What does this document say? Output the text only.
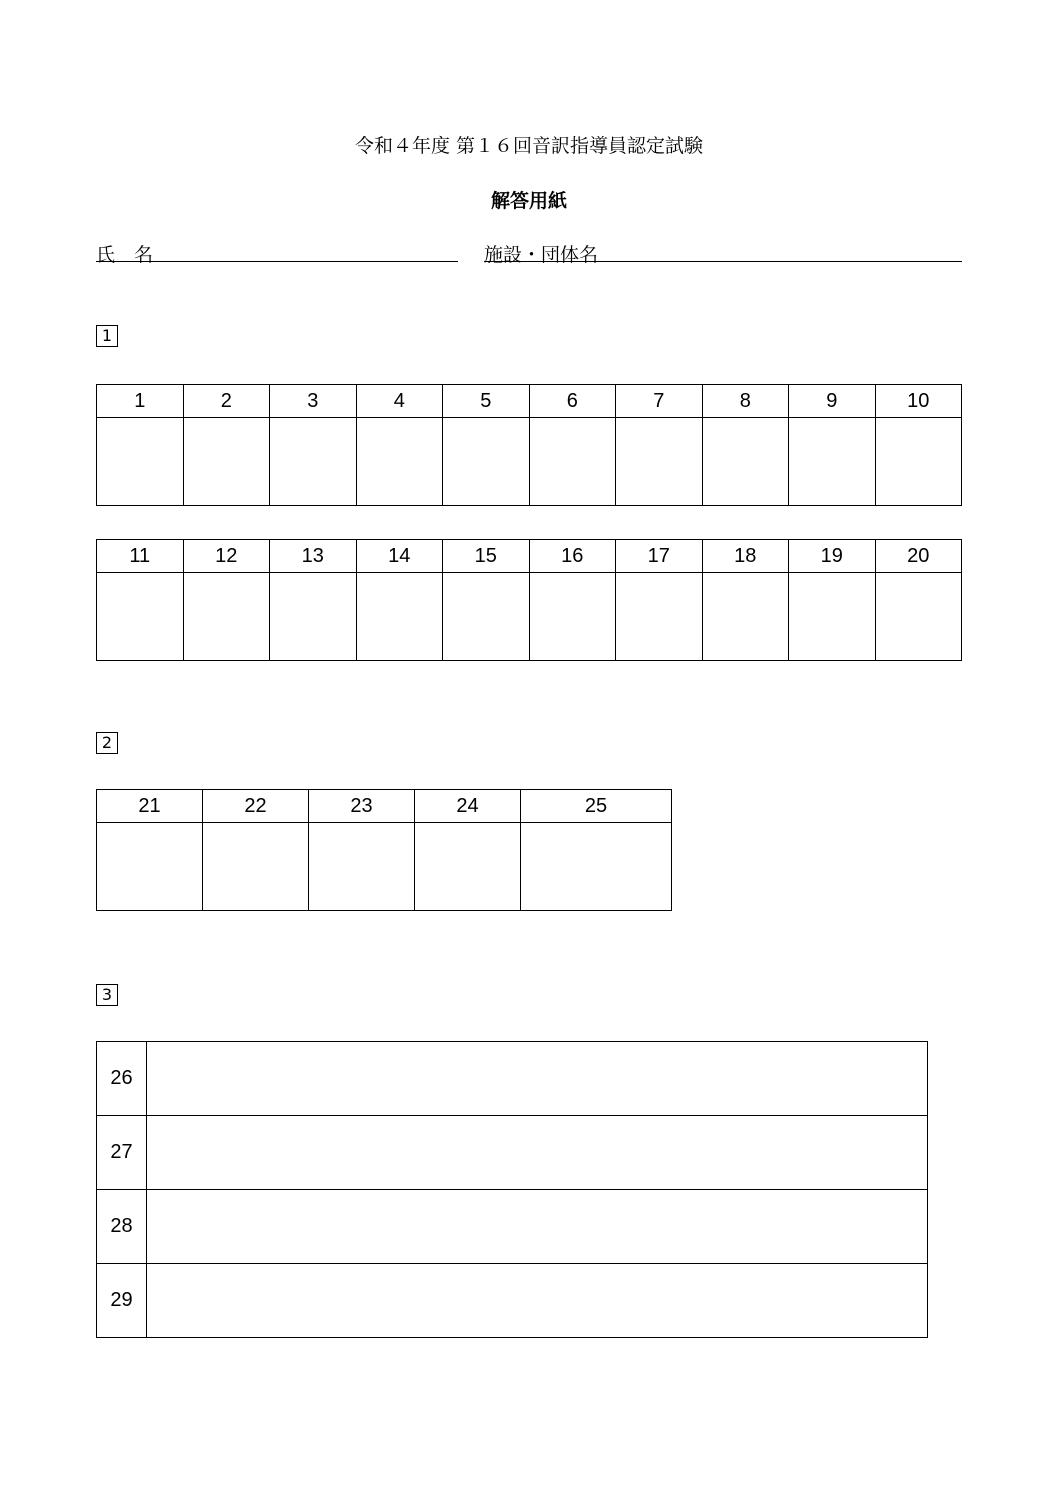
令和４年度 第１６回音訳指導員認定試験
解答用紙
氏　名	施設・団体名
1
1	2	3	4	5	6	7	8	9	10

11	12	13	14	15	16	17	18	19	20

2
21	22	23	24	25

3
26	
27	
28	
29	
